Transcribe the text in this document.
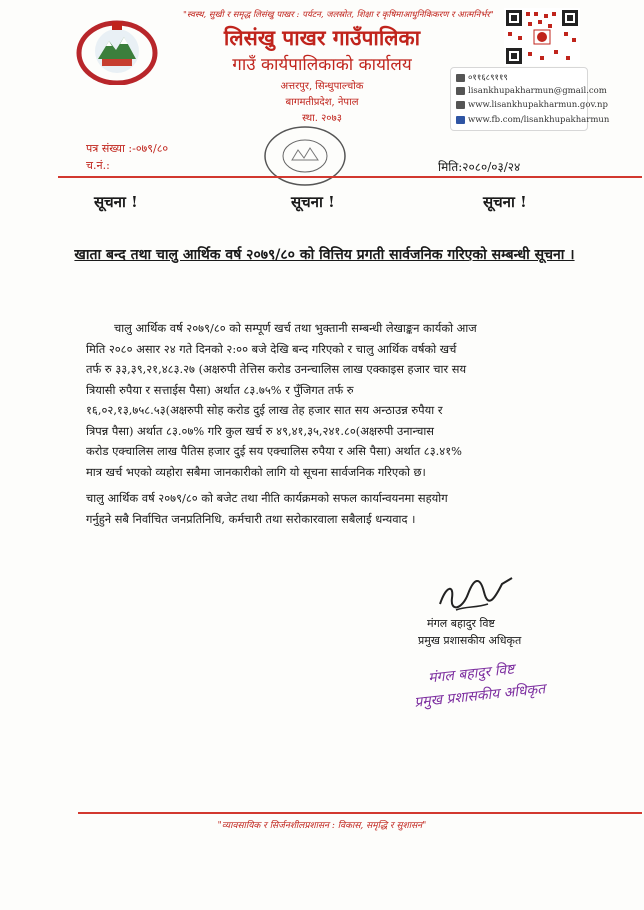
"स्वस्थ, सुखी र समृद्ध लिसंखु पाखर : पर्यटन, जलस्रोत, शिक्षा र कृषिमाआधुनिकिकरण र आत्मनिर्भर"
लिसंखु पाखर गाउँपालिका
गाउँ कार्यपालिकाको कार्यालय
अत्तरपुर, सिन्धुपाल्चोक
बागमतीप्रदेश, नेपाल
स्था. २०७३
०११६८९११९
lisankhupakharmun@gmail.com
www.lisankhupakharmun.gov.np
www.fb.com/lisankhupakharmun
पत्र संख्या :-०७९/८०
च.नं.:	मिति:२०८०/०३/२४
सूचना !	सूचना !	सूचना !
खाता बन्द तथा चालु आर्थिक वर्ष २०७९/८० को वित्तिय प्रगती सार्वजनिक गरिएको सम्बन्धी सूचना ।
चालु आर्थिक वर्ष २०७९/८० को सम्पूर्ण खर्च तथा भुक्तानी सम्बन्धी लेखाङ्कन कार्यको आज
मिति २०८० असार २४ गते दिनको २:०० बजे देखि बन्द गरिएको र चालु आर्थिक वर्षको खर्च
तर्फ रु ३३,३९,२१,४८३.२७ (अक्षरुपी तेत्तिस करोड उनन्चालिस लाख एक्काइस हजार चार सय
त्रियासी रुपैया र सत्ताईस पैसा) अर्थात ८३.७५% र पुँजिगत तर्फ रु
१६,०२,१३,७५८.५३(अक्षरुपी सोह करोड दुई लाख तेह हजार सात सय अन्ठाउन्न रुपैया र
त्रिपन्न पैसा) अर्थात ८३.०७% गरि कुल खर्च रु ४९,४१,३५,२४१.८०(अक्षरुपी उनान्चास
करोड एक्चालिस लाख पैतिस हजार दुई सय एक्चालिस रुपैया र असि पैसा) अर्थात ८३.४१%
मात्र खर्च भएको व्यहोरा सबैमा जानकारीको लागि यो सूचना सार्वजनिक गरिएको छ।
चालु आर्थिक वर्ष २०७९/८० को बजेट तथा नीति कार्यक्रमको सफल कार्यान्वयनमा सहयोग
गर्नुहुने सबै निर्वाचित जनप्रतिनिधि, कर्मचारी तथा सरोकारवाला सबैलाई धन्यवाद ।
मंगल बहादुर विष्ट
प्रमुख प्रशासकीय अधिकृत
मंगल बहादुर विष्ट
प्रमुख प्रशासकीय अधिकृत
"व्यावसायिक र सिर्जनशीलप्रशासन : विकास, समृद्धि र सुशासन"
